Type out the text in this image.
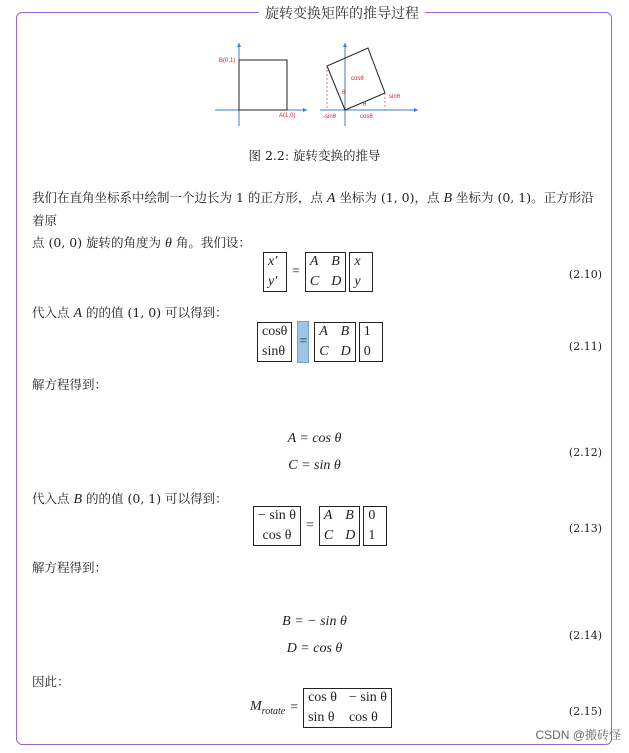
旋转变换矩阵的推导过程
B(0,1)
A(1,0)
cosθ
sinθ
-sinθ	cosθ
θ
θ
图 2.2: 旋转变换的推导
我们在直角坐标系中绘制一个边长为 1 的正方形，点 A 坐标为 (1, 0)，点 B 坐标为 (0, 1)。正方形沿着原
点 (0, 0) 旋转的角度为 θ 角。我们设：
x′
y′
=
A B
C D
x
y	(2.10)
代入点 A 的的值 (1, 0) 可以得到：
cosθ
sinθ
=
A B
C D
1
0	(2.11)
解方程得到：
A = cos θ
C = sin θ
(2.12)
代入点 B 的的值 (0, 1) 可以得到：
− sin θ
cos θ
=
A B
C D
0
1	(2.13)
解方程得到：
B = − sin θ
D = cos θ
(2.14)
因此：
$M_{rotate}$ =
cos θ − sin θ
sin θ cos θ	(2.15)
CSDN @搬砖怪
